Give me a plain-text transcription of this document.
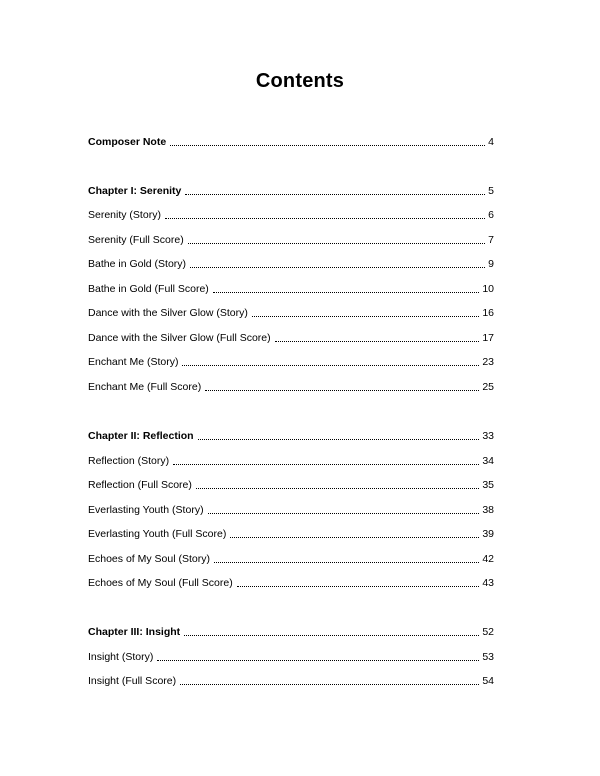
Contents
Composer Note	4
Chapter I: Serenity	5
Serenity (Story)	6
Serenity (Full Score)	7
Bathe in Gold (Story)	9
Bathe in Gold (Full Score)	10
Dance with the Silver Glow (Story)	16
Dance with the Silver Glow (Full Score)	17
Enchant Me (Story)	23
Enchant Me (Full Score)	25
Chapter II: Reflection	33
Reflection (Story)	34
Reflection (Full Score)	35
Everlasting Youth (Story)	38
Everlasting Youth (Full Score)	39
Echoes of My Soul (Story)	42
Echoes of My Soul (Full Score)	43
Chapter III: Insight	52
Insight (Story)	53
Insight (Full Score)	54
